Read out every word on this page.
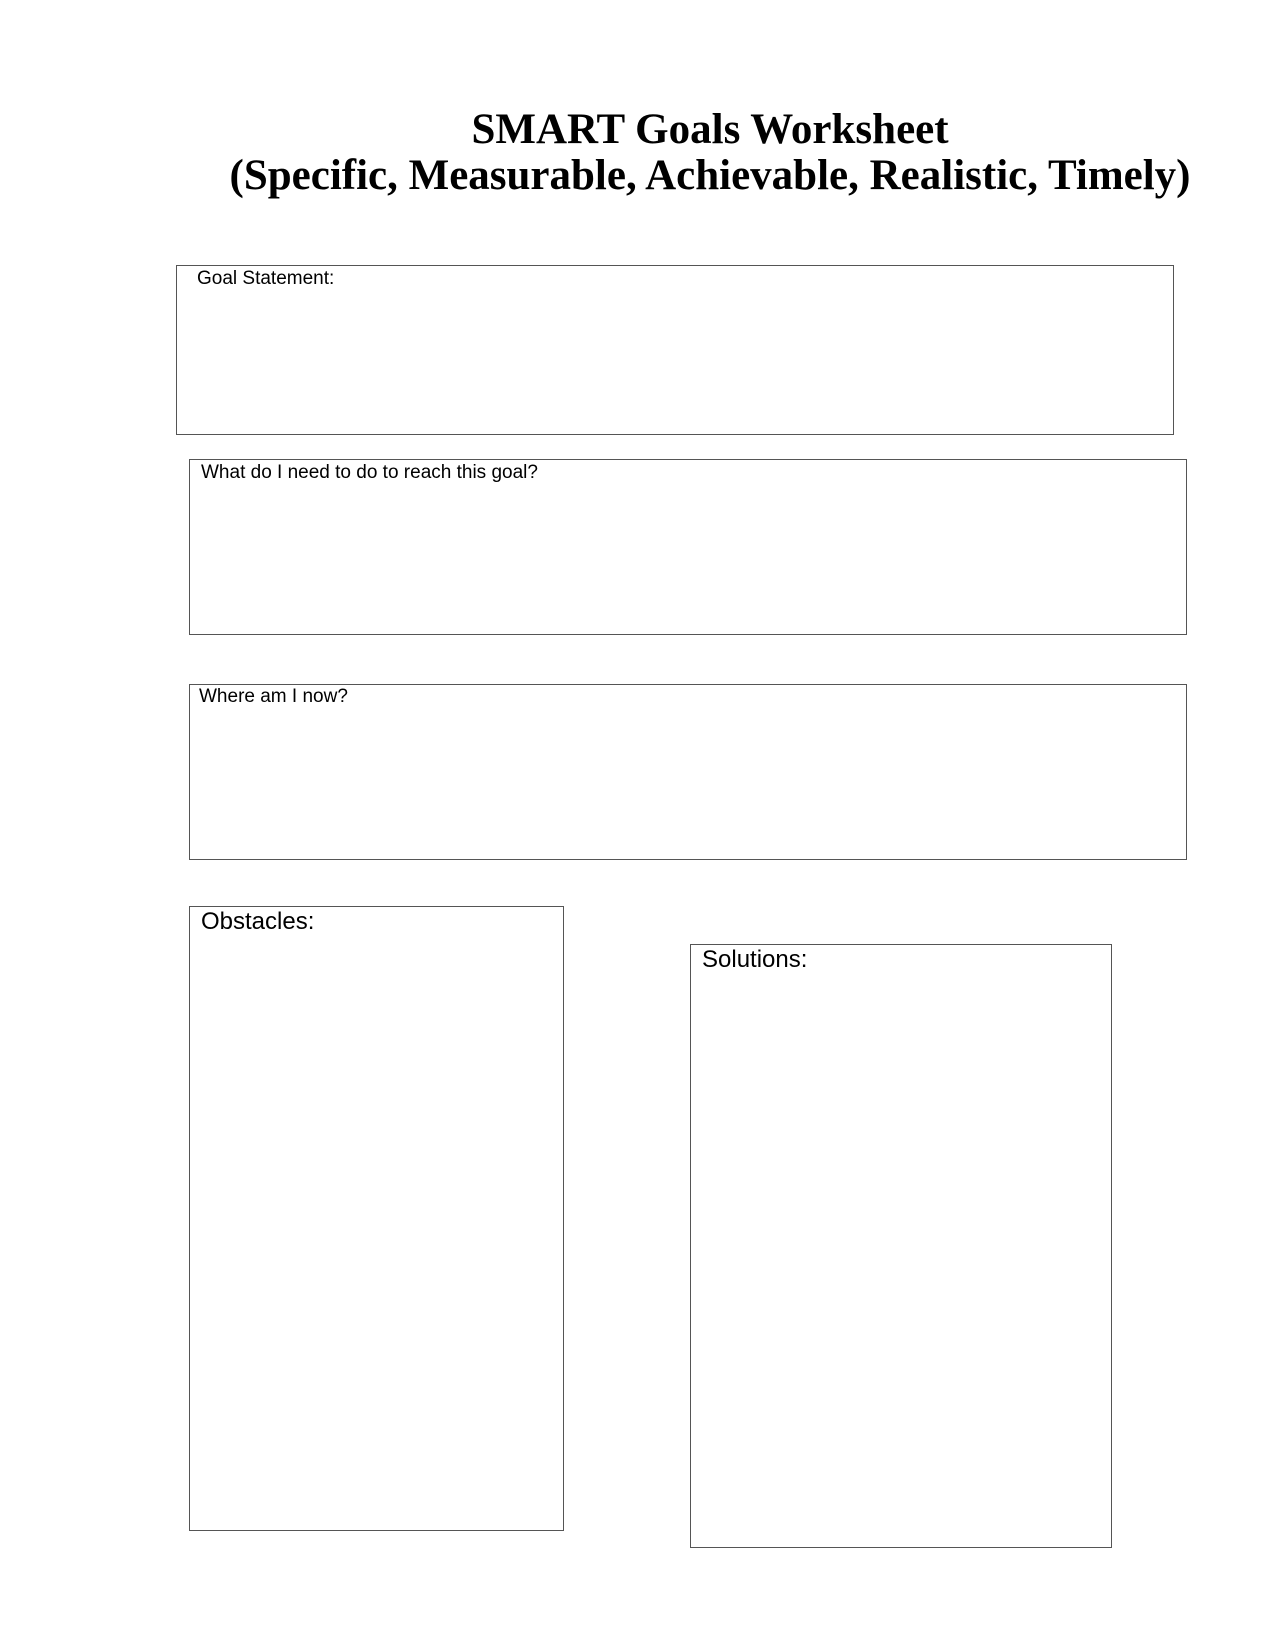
SMART Goals Worksheet
(Specific, Measurable, Achievable, Realistic, Timely)
Goal Statement:
What do I need to do to reach this goal?
Where am I now?
Obstacles:
Solutions:
